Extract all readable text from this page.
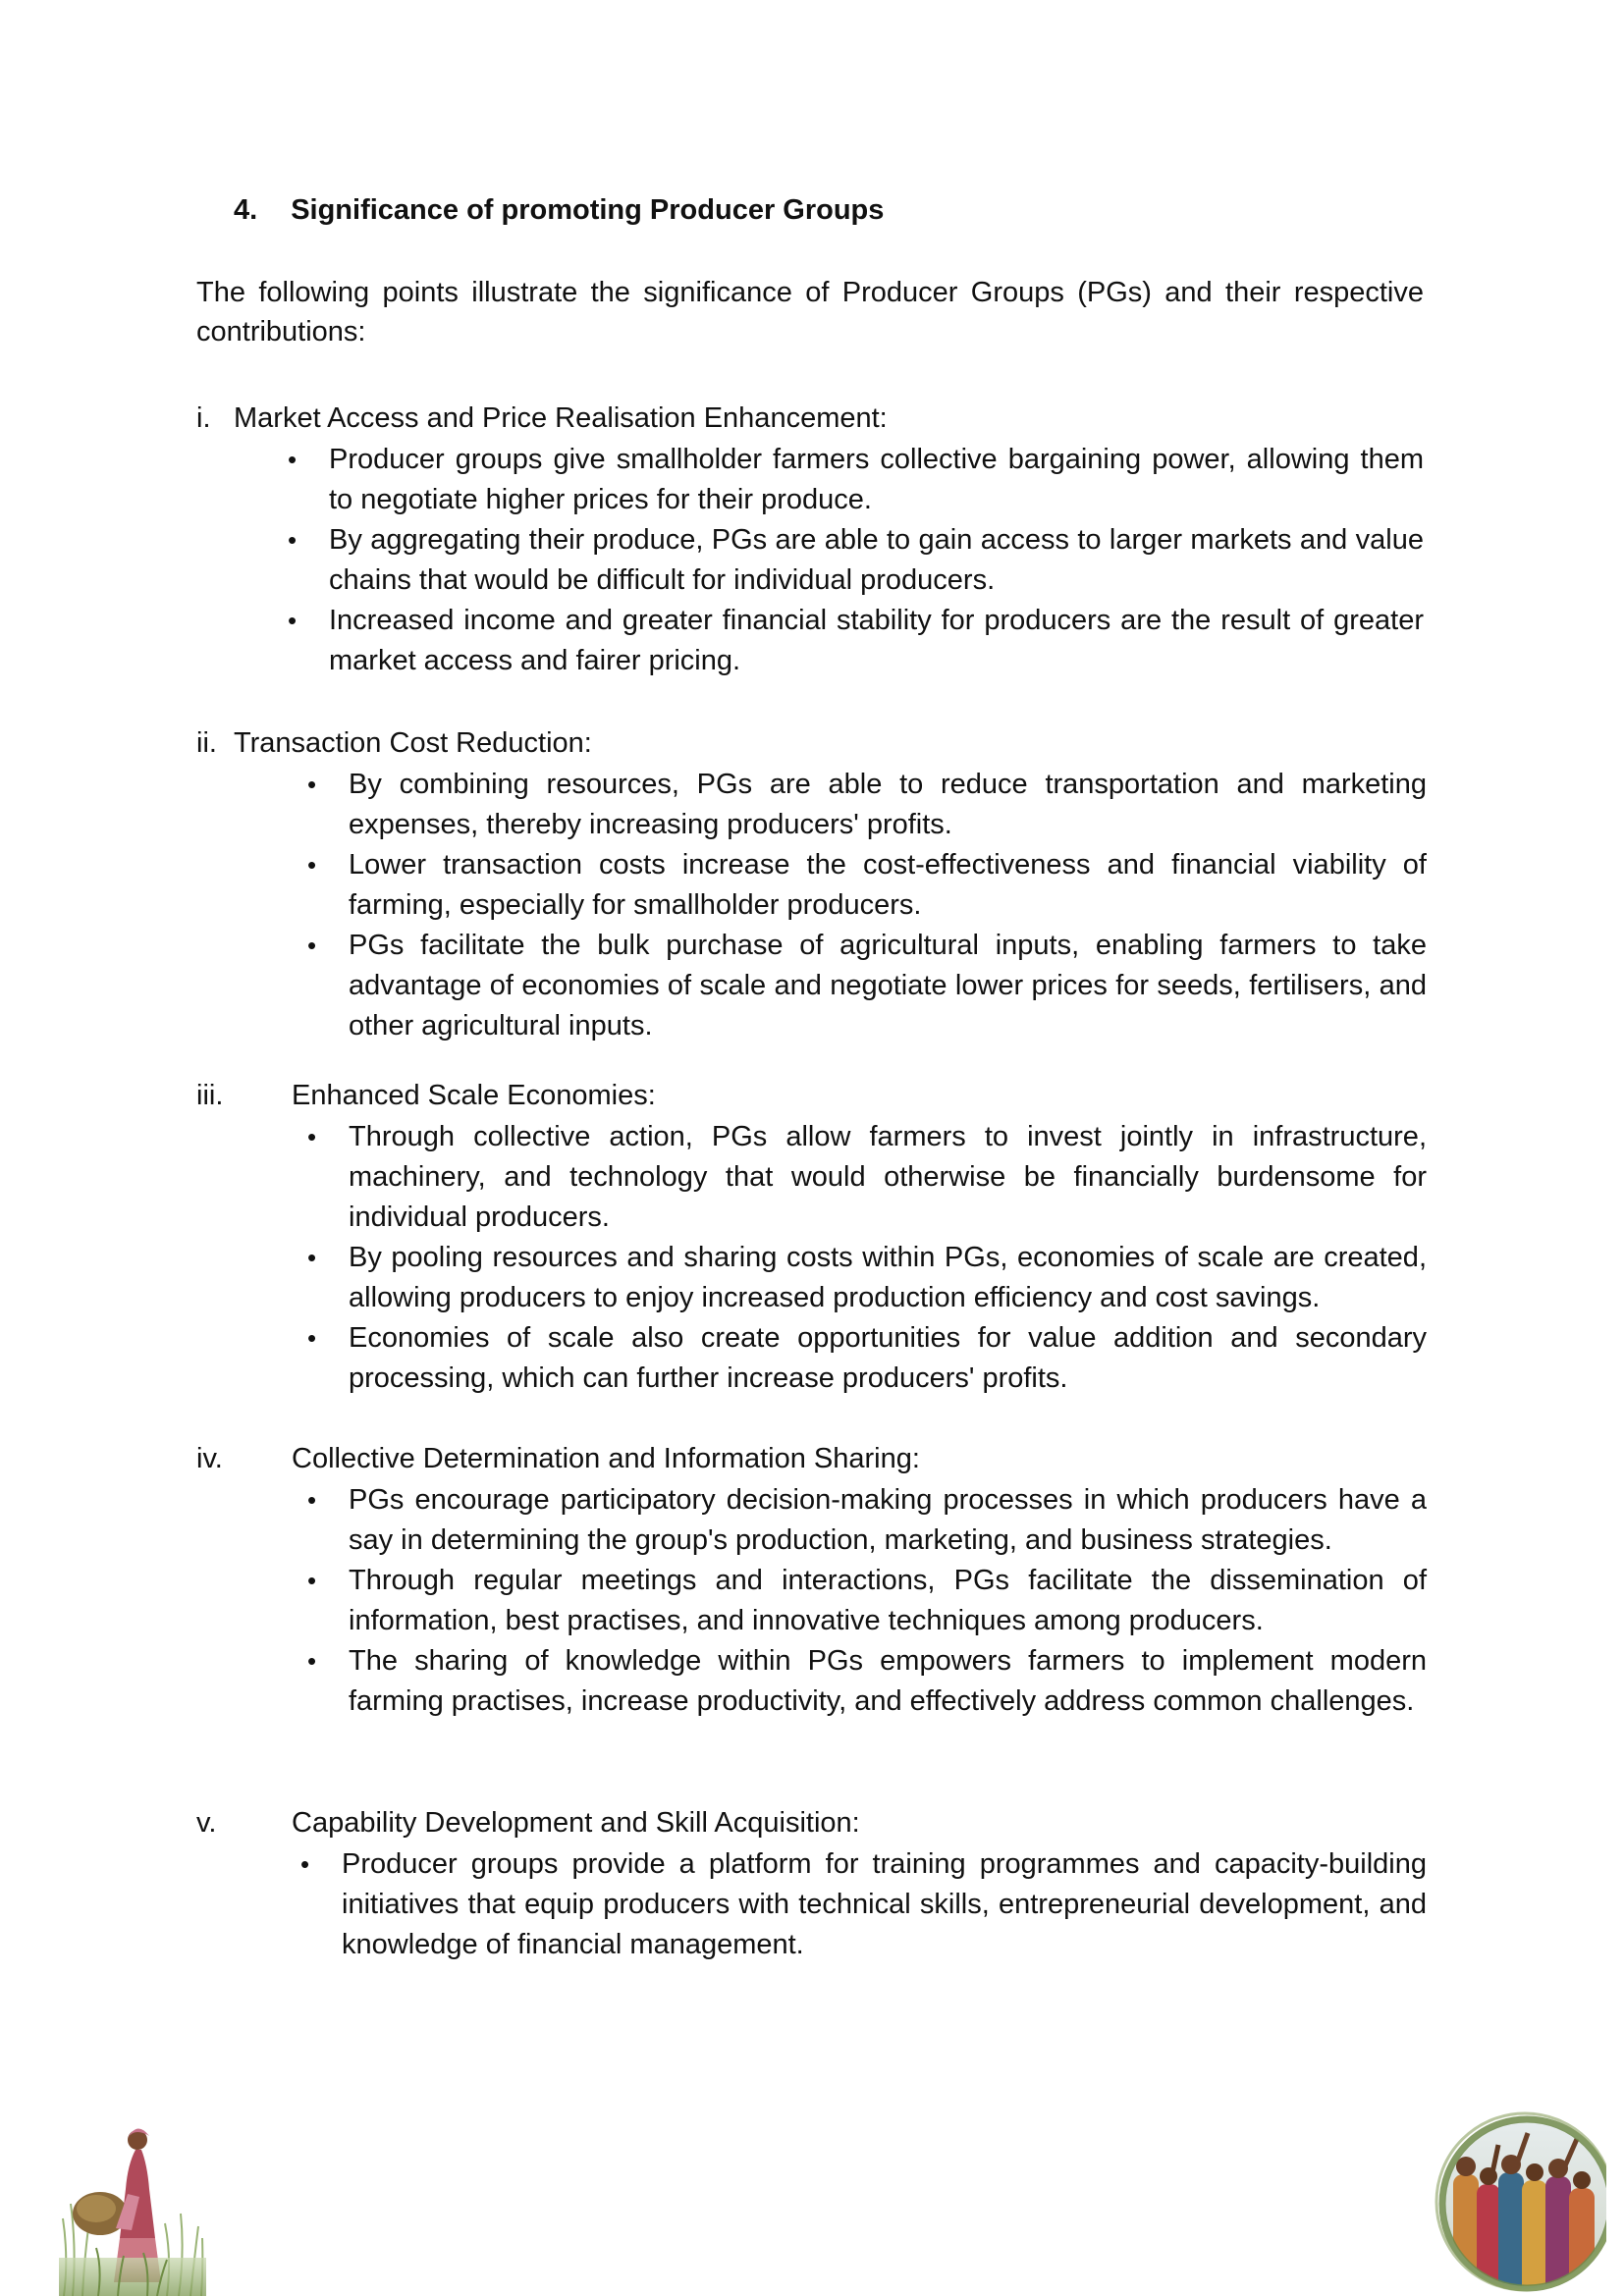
4. Significance of promoting Producer Groups
The following points illustrate the significance of Producer Groups (PGs) and their respective contributions:
i. Market Access and Price Realisation Enhancement:
• Producer groups give smallholder farmers collective bargaining power, allowing them to negotiate higher prices for their produce.
• By aggregating their produce, PGs are able to gain access to larger markets and value chains that would be difficult for individual producers.
• Increased income and greater financial stability for producers are the result of greater market access and fairer pricing.
ii. Transaction Cost Reduction:
• By combining resources, PGs are able to reduce transportation and marketing expenses, thereby increasing producers' profits.
• Lower transaction costs increase the cost-effectiveness and financial viability of farming, especially for smallholder producers.
• PGs facilitate the bulk purchase of agricultural inputs, enabling farmers to take advantage of economies of scale and negotiate lower prices for seeds, fertilisers, and other agricultural inputs.
iii.	Enhanced Scale Economies:
• Through collective action, PGs allow farmers to invest jointly in infrastructure, machinery, and technology that would otherwise be financially burdensome for individual producers.
• By pooling resources and sharing costs within PGs, economies of scale are created, allowing producers to enjoy increased production efficiency and cost savings.
• Economies of scale also create opportunities for value addition and secondary processing, which can further increase producers' profits.
iv.	Collective Determination and Information Sharing:
• PGs encourage participatory decision-making processes in which producers have a say in determining the group's production, marketing, and business strategies.
• Through regular meetings and interactions, PGs facilitate the dissemination of information, best practises, and innovative techniques among producers.
• The sharing of knowledge within PGs empowers farmers to implement modern farming practises, increase productivity, and effectively address common challenges.
v.	Capability Development and Skill Acquisition:
• Producer groups provide a platform for training programmes and capacity-building initiatives that equip producers with technical skills, entrepreneurial development, and knowledge of financial management.
